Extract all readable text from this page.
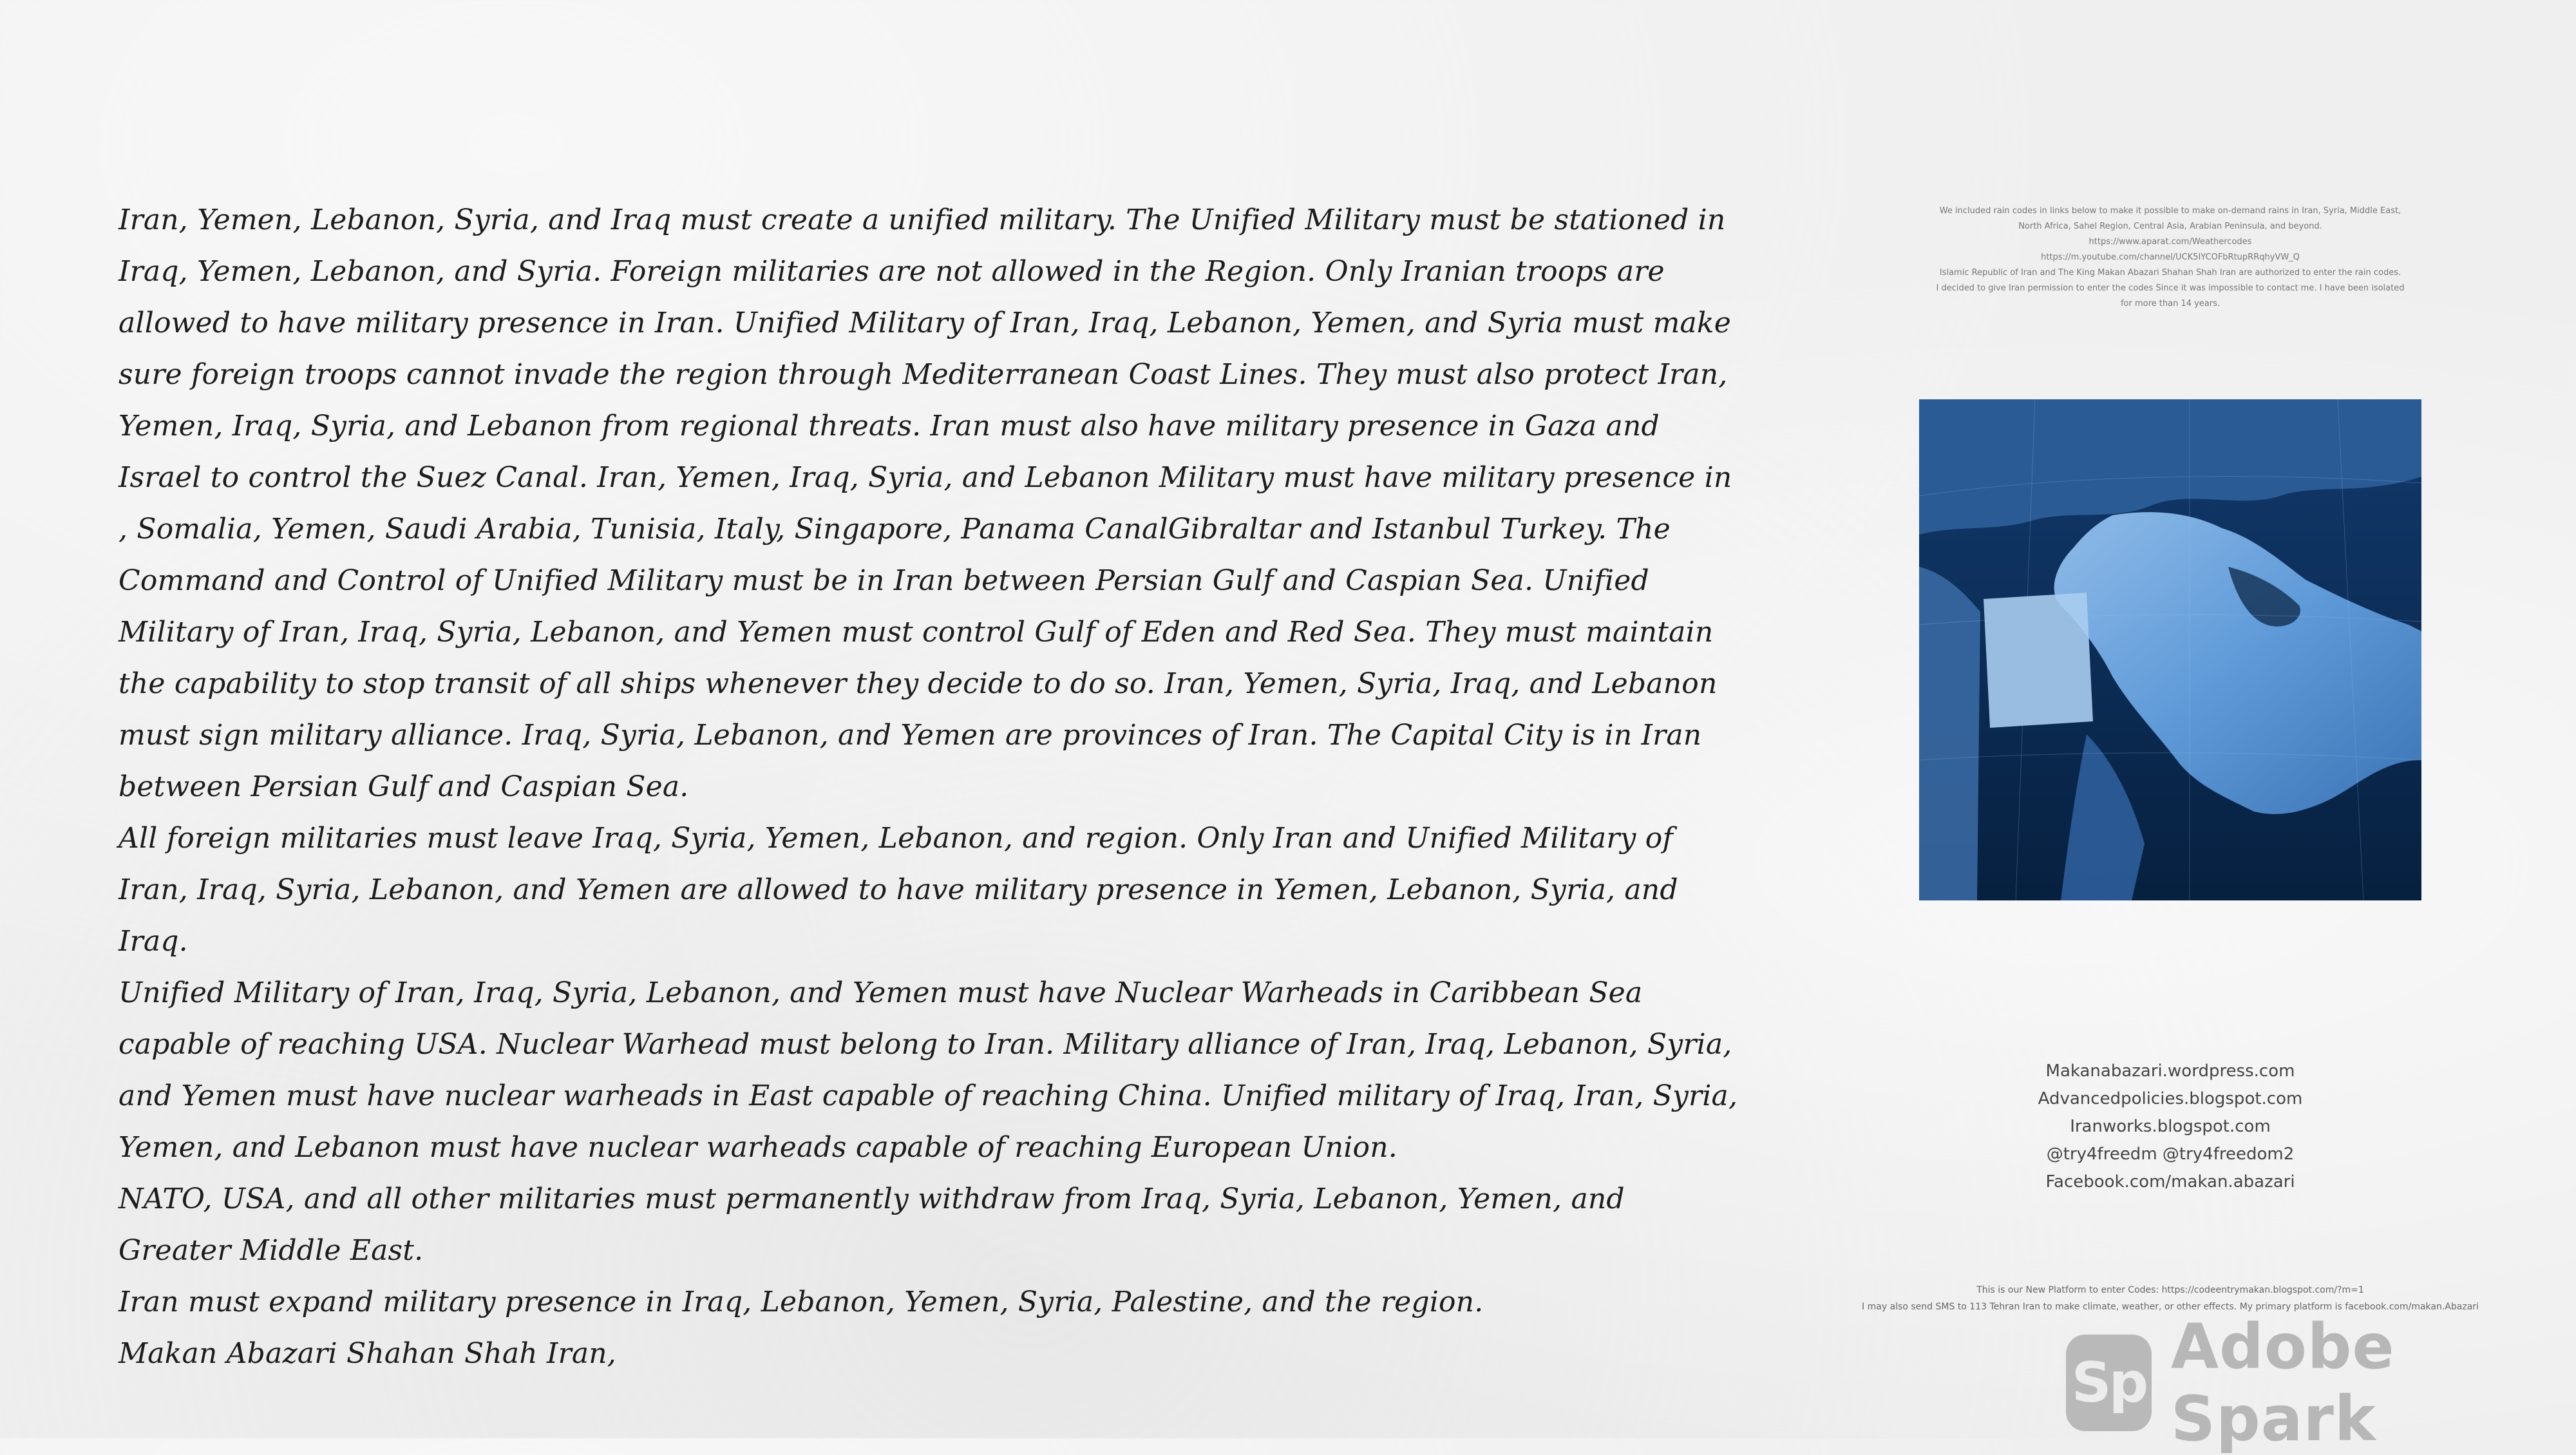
Iran, Yemen, Lebanon, Syria, and Iraq must create a unified military. The Unified Military must be stationed in Iraq, Yemen, Lebanon, and Syria. Foreign militaries are not allowed in the Region. Only Iranian troops are allowed to have military presence in Iran. Unified Military of Iran, Iraq, Lebanon, Yemen, and Syria must make sure foreign troops cannot invade the region through Mediterranean Coast Lines. They must also protect Iran, Yemen, Iraq, Syria, and Lebanon from regional threats. Iran must also have military presence in Gaza and Israel to control the Suez Canal. Iran, Yemen, Iraq, Syria, and Lebanon Military must have military presence in , Somalia, Yemen, Saudi Arabia, Tunisia, Italy, Singapore, Panama CanalGibraltar and Istanbul Turkey. The Command and Control of Unified Military must be in Iran between Persian Gulf and Caspian Sea. Unified Military of Iran, Iraq, Syria, Lebanon, and Yemen must control Gulf of Eden and Red Sea. They must maintain the capability to stop transit of all ships whenever they decide to do so. Iran, Yemen, Syria, Iraq, and Lebanon must sign military alliance. Iraq, Syria, Lebanon, and Yemen are provinces of Iran. The Capital City is in Iran between Persian Gulf and Caspian Sea.

All foreign militaries must leave Iraq, Syria, Yemen, Lebanon, and region. Only Iran and Unified Military of Iran, Iraq, Syria, Lebanon, and Yemen are allowed to have military presence in Yemen, Lebanon, Syria, and Iraq.

Unified Military of Iran, Iraq, Syria, Lebanon, and Yemen must have Nuclear Warheads in Caribbean Sea capable of reaching USA. Nuclear Warhead must belong to Iran. Military alliance of Iran, Iraq, Lebanon, Syria, and Yemen must have nuclear warheads in East capable of reaching China. Unified military of Iraq, Iran, Syria, Yemen, and Lebanon must have nuclear warheads capable of reaching European Union.

NATO, USA, and all other militaries must permanently withdraw from Iraq, Syria, Lebanon, Yemen, and Greater Middle East.

Iran must expand military presence in Iraq, Lebanon, Yemen, Syria, Palestine, and the region.

Makan Abazari Shahan Shah Iran,

We included rain codes in links below to make it possible to make on-demand rains in Iran, Syria, Middle East,
North Africa, Sahel Region, Central Asia, Arabian Peninsula, and beyond.
https://www.aparat.com/Weathercodes
https://m.youtube.com/channel/UCK5IYCOFbRtupRRqhyVW_Q
Islamic Republic of Iran and The King Makan Abazari Shahan Shah Iran are authorized to enter the rain codes.
I decided to give Iran permission to enter the codes Since it was impossible to contact me. I have been isolated
for more than 14 years.
Makanabazari.wordpress.com
Advancedpolicies.blogspot.com
Iranworks.blogspot.com
@try4freedm @try4freedom2
Facebook.com/makan.abazari
This is our New Platform to enter Codes: https://codeentrymakan.blogspot.com/?m=1
I may also send SMS to 113 Tehran Iran to make climate, weather, or other effects. My primary platform is facebook.com/makan.Abazari
Sp Adobe Spark
